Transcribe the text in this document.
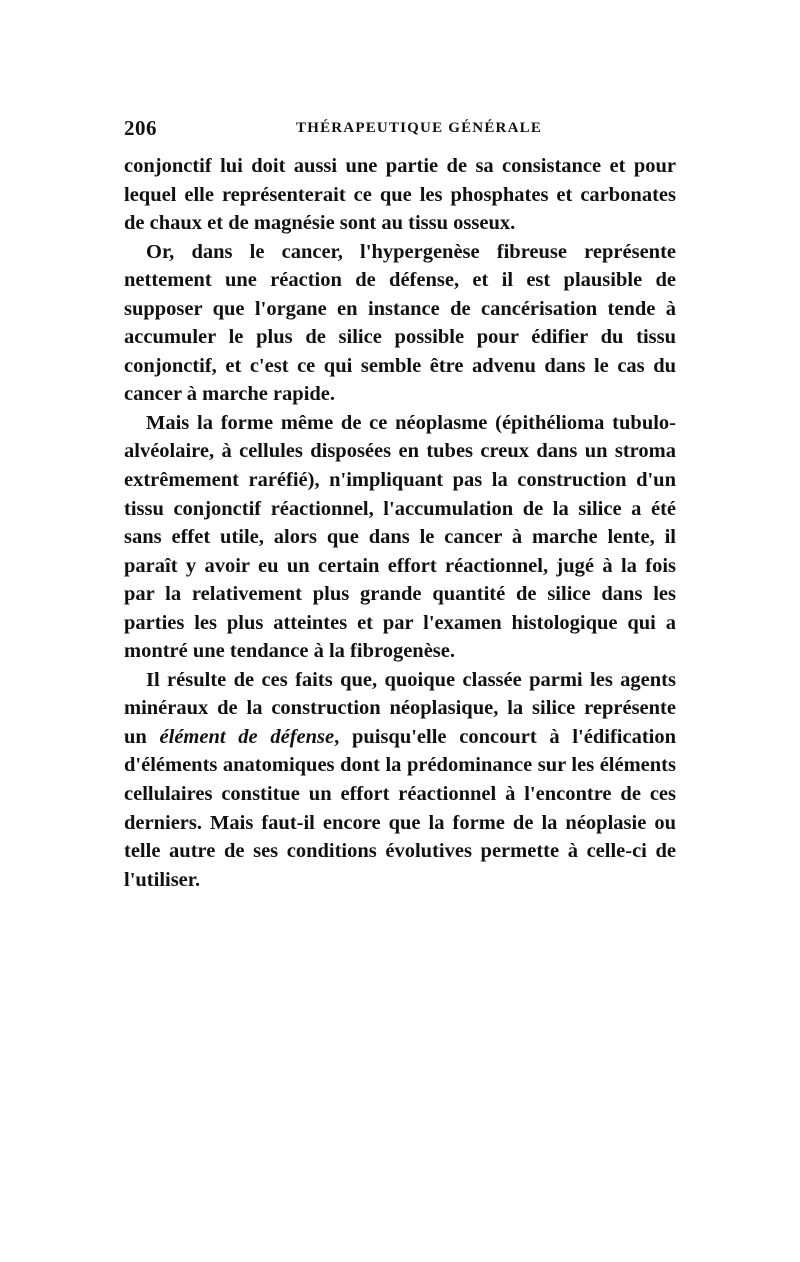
206	THÉRAPEUTIQUE GÉNÉRALE

conjonctif lui doit aussi une partie de sa consistance et pour lequel elle représenterait ce que les phosphates et carbonates de chaux et de magnésie sont au tissu osseux.

Or, dans le cancer, l'hypergenèse fibreuse représente nettement une réaction de défense, et il est plausible de supposer que l'organe en instance de cancérisation tende à accumuler le plus de silice possible pour édifier du tissu conjonctif, et c'est ce qui semble être advenu dans le cas du cancer à marche rapide.

Mais la forme même de ce néoplasme (épithélioma tubulo-alvéolaire, à cellules disposées en tubes creux dans un stroma extrêmement raréfié), n'impliquant pas la construction d'un tissu conjonctif réactionnel, l'accumulation de la silice a été sans effet utile, alors que dans le cancer à marche lente, il paraît y avoir eu un certain effort réactionnel, jugé à la fois par la relativement plus grande quantité de silice dans les parties les plus atteintes et par l'examen histologique qui a montré une tendance à la fibrogenèse.

Il résulte de ces faits que, quoique classée parmi les agents minéraux de la construction néoplasique, la silice représente un élément de défense, puisqu'elle concourt à l'édification d'éléments anatomiques dont la prédominance sur les éléments cellulaires constitue un effort réactionnel à l'encontre de ces derniers. Mais faut-il encore que la forme de la néoplasie ou telle autre de ses conditions évolutives permette à celle-ci de l'utiliser.
